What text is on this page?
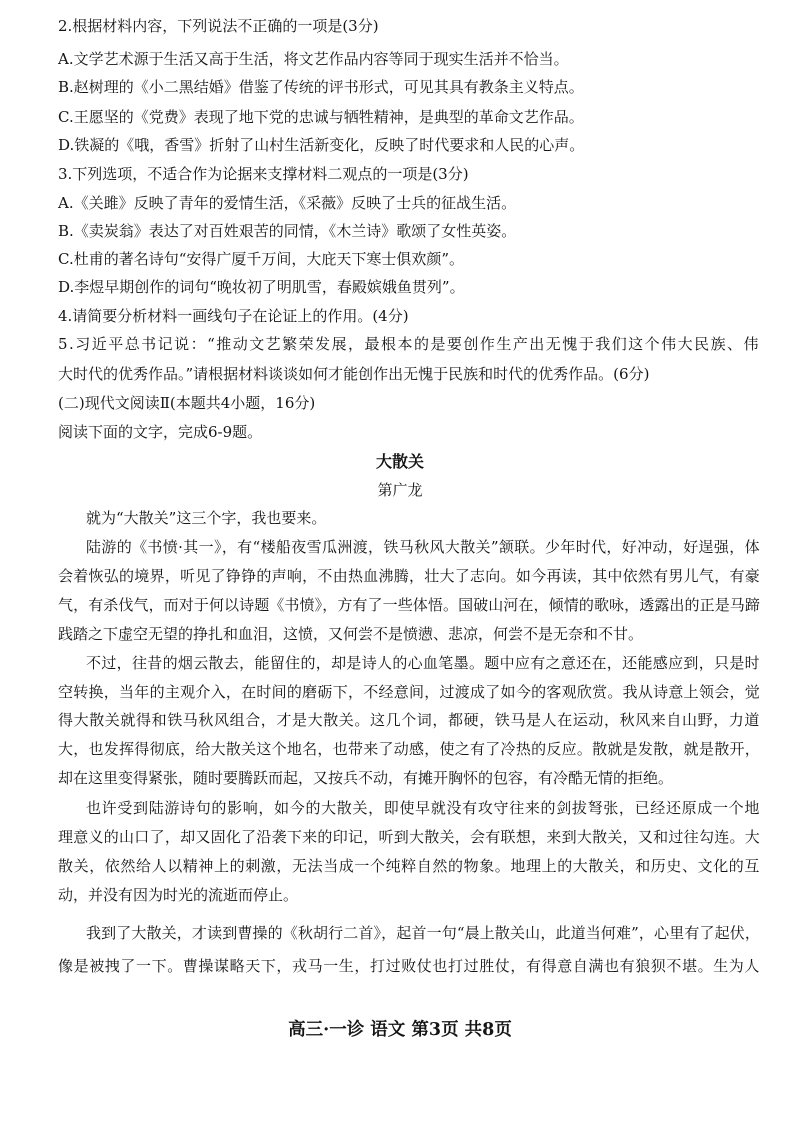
2.根据材料内容，下列说法不正确的一项是(3分)
A.文学艺术源于生活又高于生活，将文艺作品内容等同于现实生活并不恰当。
B.赵树理的《小二黑结婚》借鉴了传统的评书形式，可见其具有教条主义特点。
C.王愿坚的《党费》表现了地下党的忠诚与牺牲精神，是典型的革命文艺作品。
D.铁凝的《哦，香雪》折射了山村生活新变化，反映了时代要求和人民的心声。
3.下列选项，不适合作为论据来支撑材料二观点的一项是(3分)
A.《关雎》反映了青年的爱情生活，《采薇》反映了士兵的征战生活。
B.《卖炭翁》表达了对百姓艰苦的同情，《木兰诗》歌颂了女性英姿。
C.杜甫的著名诗句“安得广厦千万间，大庇天下寒士俱欢颜”。
D.李煜早期创作的词句“晚妆初了明肌雪，春殿嫔娥鱼贯列”。
4.请简要分析材料一画线句子在论证上的作用。(4分)
5.习近平总书记说：“推动文艺繁荣发展，最根本的是要创作生产出无愧于我们这个伟大民族、伟
大时代的优秀作品。”请根据材料谈谈如何才能创作出无愧于民族和时代的优秀作品。(6分)
(二)现代文阅读Ⅱ(本题共4小题，16分)
阅读下面的文字，完成6-9题。
大散关
第广龙
就为“大散关”这三个字，我也要来。
陆游的《书愤·其一》，有“楼船夜雪瓜洲渡，铁马秋风大散关”颔联。少年时代，好冲动，好逞强，体
会着恢弘的境界，听见了铮铮的声响，不由热血沸腾，壮大了志向。如今再读，其中依然有男儿气，有豪
气，有杀伐气，而对于何以诗题《书愤》，方有了一些体悟。国破山河在，倾情的歌咏，透露出的正是马蹄
践踏之下虚空无望的挣扎和血泪，这愤，又何尝不是愤懑、悲凉，何尝不是无奈和不甘。
不过，往昔的烟云散去，能留住的，却是诗人的心血笔墨。题中应有之意还在，还能感应到，只是时
空转换，当年的主观介入，在时间的磨砺下，不经意间，过渡成了如今的客观欣赏。我从诗意上领会，觉
得大散关就得和铁马秋风组合，才是大散关。这几个词，都硬，铁马是人在运动，秋风来自山野，力道
大，也发挥得彻底，给大散关这个地名，也带来了动感，使之有了冷热的反应。散就是发散，就是散开，
却在这里变得紧张，随时要腾跃而起，又按兵不动，有摊开胸怀的包容，有冷酷无情的拒绝。
也许受到陆游诗句的影响，如今的大散关，即使早就没有攻守往来的剑拔弩张，已经还原成一个地
理意义的山口了，却又固化了沿袭下来的印记，听到大散关，会有联想，来到大散关，又和过往勾连。大
散关，依然给人以精神上的刺激，无法当成一个纯粹自然的物象。地理上的大散关，和历史、文化的互
动，并没有因为时光的流逝而停止。
我到了大散关，才读到曹操的《秋胡行二首》，起首一句“晨上散关山，此道当何难”，心里有了起伏，
像是被拽了一下。曹操谋略天下，戎马一生，打过败仗也打过胜仗，有得意自满也有狼狈不堪。生为人
高三·一诊 语文 第3页 共8页
